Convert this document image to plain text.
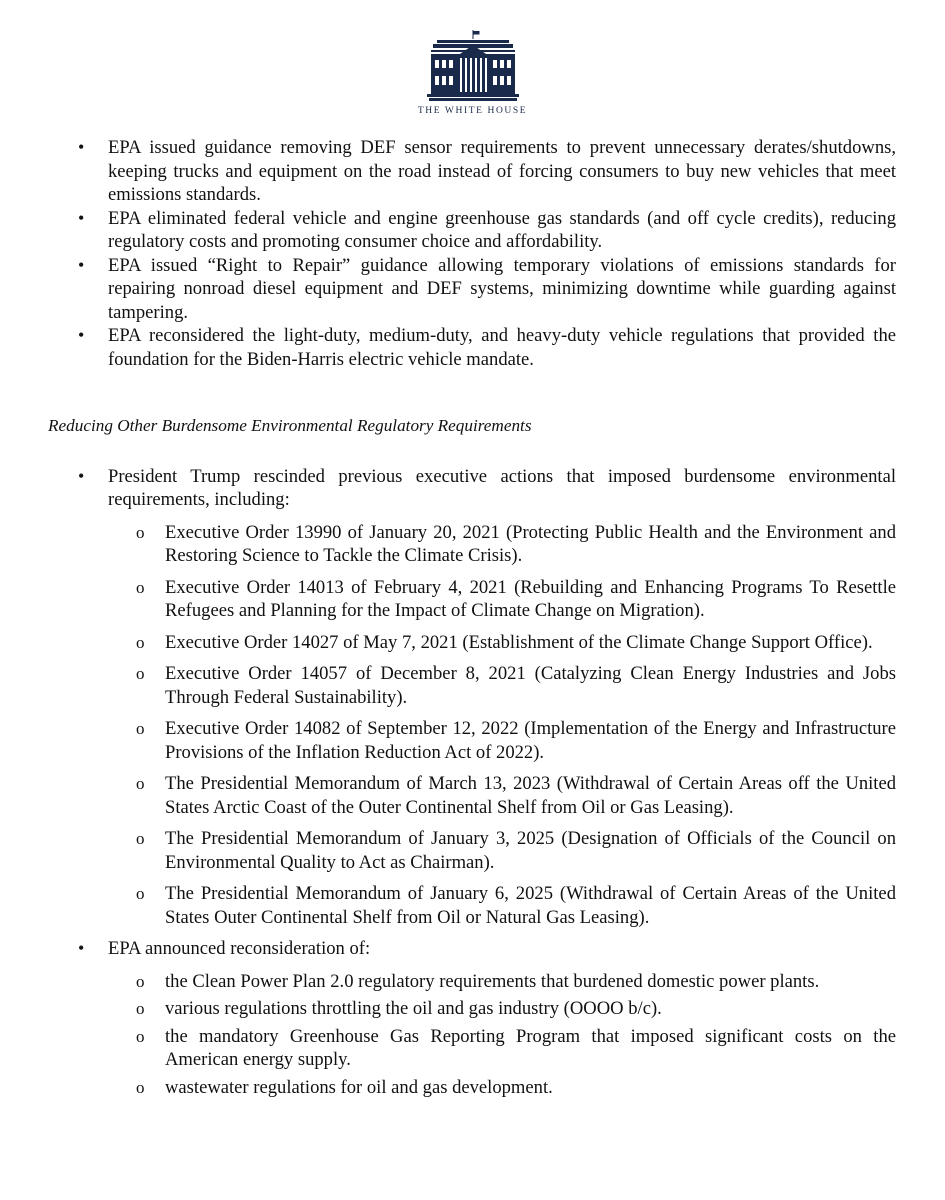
THE WHITE HOUSE
• EPA issued guidance removing DEF sensor requirements to prevent unnecessary derates/shutdowns, keeping trucks and equipment on the road instead of forcing consumers to buy new vehicles that meet emissions standards.
• EPA eliminated federal vehicle and engine greenhouse gas standards (and off cycle credits), reducing regulatory costs and promoting consumer choice and affordability.
• EPA issued “Right to Repair” guidance allowing temporary violations of emissions standards for repairing nonroad diesel equipment and DEF systems, minimizing downtime while guarding against tampering.
• EPA reconsidered the light-duty, medium-duty, and heavy-duty vehicle regulations that provided the foundation for the Biden-Harris electric vehicle mandate.
Reducing Other Burdensome Environmental Regulatory Requirements
• President Trump rescinded previous executive actions that imposed burdensome environmental requirements, including:
o Executive Order 13990 of January 20, 2021 (Protecting Public Health and the Environment and Restoring Science to Tackle the Climate Crisis).
o Executive Order 14013 of February 4, 2021 (Rebuilding and Enhancing Programs To Resettle Refugees and Planning for the Impact of Climate Change on Migration).
o Executive Order 14027 of May 7, 2021 (Establishment of the Climate Change Support Office).
o Executive Order 14057 of December 8, 2021 (Catalyzing Clean Energy Industries and Jobs Through Federal Sustainability).
o Executive Order 14082 of September 12, 2022 (Implementation of the Energy and Infrastructure Provisions of the Inflation Reduction Act of 2022).
o The Presidential Memorandum of March 13, 2023 (Withdrawal of Certain Areas off the United States Arctic Coast of the Outer Continental Shelf from Oil or Gas Leasing).
o The Presidential Memorandum of January 3, 2025 (Designation of Officials of the Council on Environmental Quality to Act as Chairman).
o The Presidential Memorandum of January 6, 2025 (Withdrawal of Certain Areas of the United States Outer Continental Shelf from Oil or Natural Gas Leasing).
• EPA announced reconsideration of:
o the Clean Power Plan 2.0 regulatory requirements that burdened domestic power plants.
o various regulations throttling the oil and gas industry (OOOO b/c).
o the mandatory Greenhouse Gas Reporting Program that imposed significant costs on the American energy supply.
o wastewater regulations for oil and gas development.
